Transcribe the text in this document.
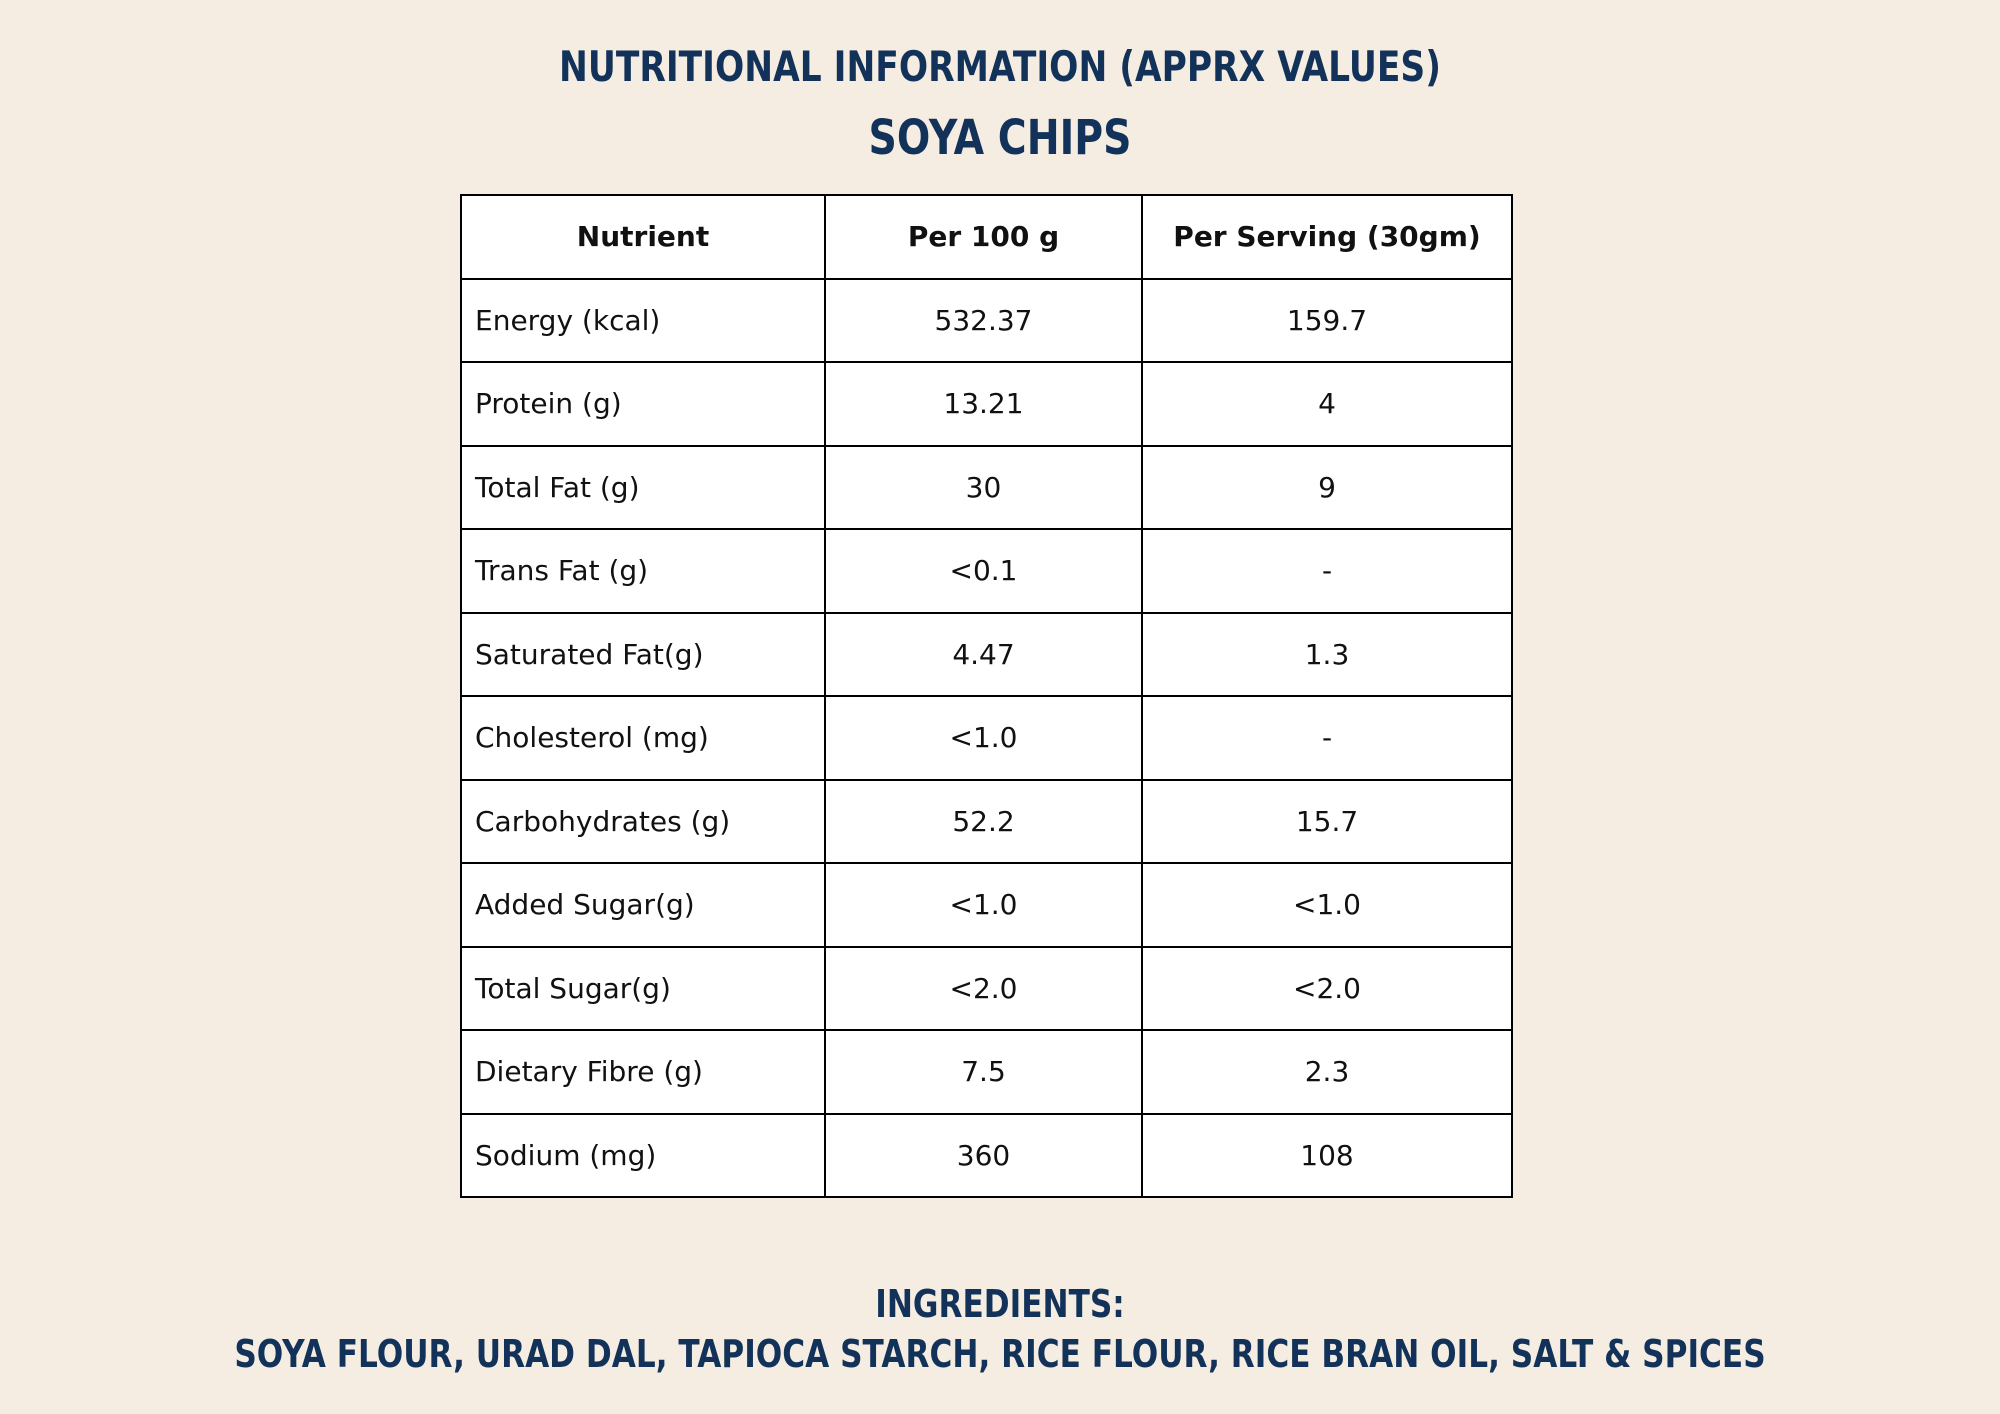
NUTRITIONAL INFORMATION (APPRX VALUES)
SOYA CHIPS
Nutrient	Per 100 g	Per Serving (30gm)
Energy (kcal)	532.37	159.7
Protein (g)	13.21	4
Total Fat (g)	30	9
Trans Fat (g)	<0.1	-
Saturated Fat(g)	4.47	1.3
Cholesterol (mg)	<1.0	-
Carbohydrates (g)	52.2	15.7
Added Sugar(g)	<1.0	<1.0
Total Sugar(g)	<2.0	<2.0
Dietary Fibre (g)	7.5	2.3
Sodium (mg)	360	108
INGREDIENTS:
SOYA FLOUR, URAD DAL, TAPIOCA STARCH, RICE FLOUR, RICE BRAN OIL, SALT & SPICES
